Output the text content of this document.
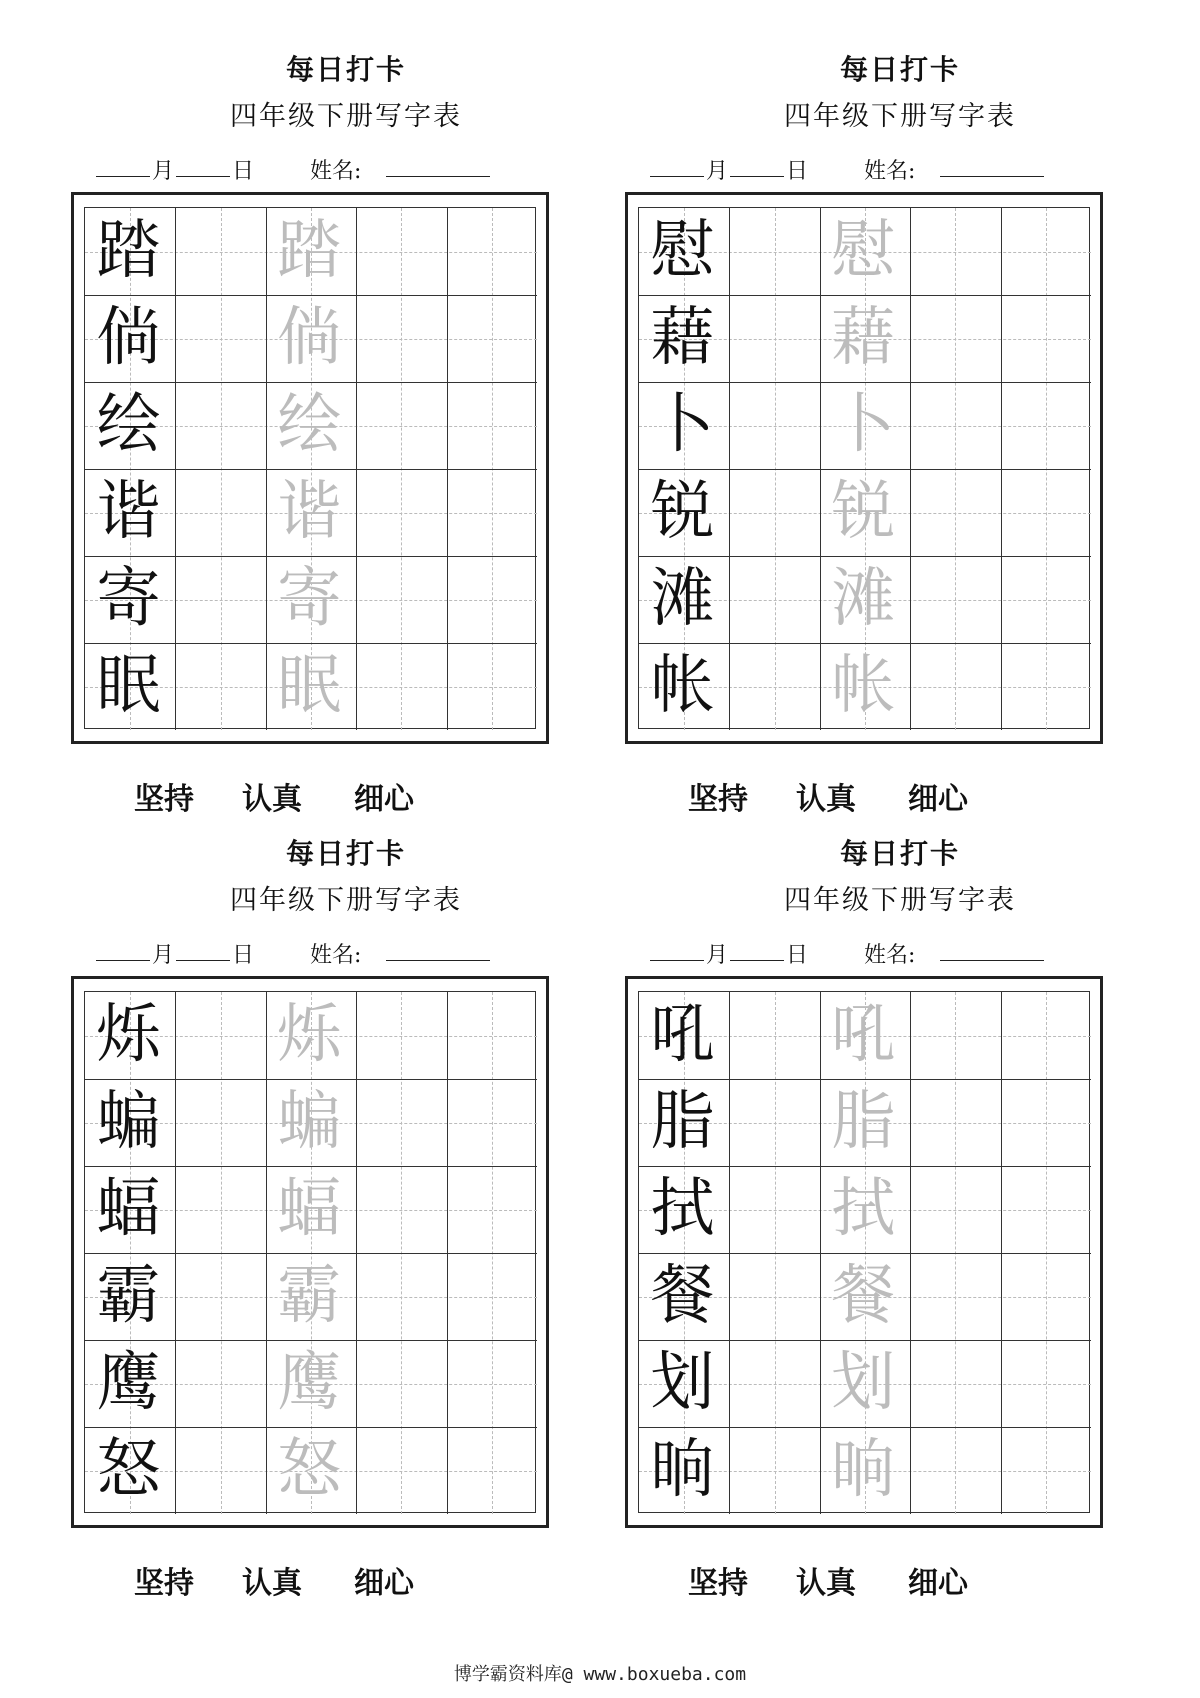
每日打卡
四年级下册写字表
月	日	姓名:
踏 踏
倘 倘
绘 绘
谐 谐
寄 寄
眠 眠
坚持 认真 细心
每日打卡
四年级下册写字表
月	日	姓名:
慰 慰
藉 藉
卜 卜
锐 锐
滩 滩
帐 帐
坚持 认真 细心
每日打卡
四年级下册写字表
月	日	姓名:
烁 烁
蝙 蝙
蝠 蝠
霸 霸
鹰 鹰
怒 怒
坚持 认真 细心
每日打卡
四年级下册写字表
月	日	姓名:
吼 吼
脂 脂
拭 拭
餐 餐
划 划
晌 晌
坚持 认真 细心
博学霸资料库@ www.boxueba.com
